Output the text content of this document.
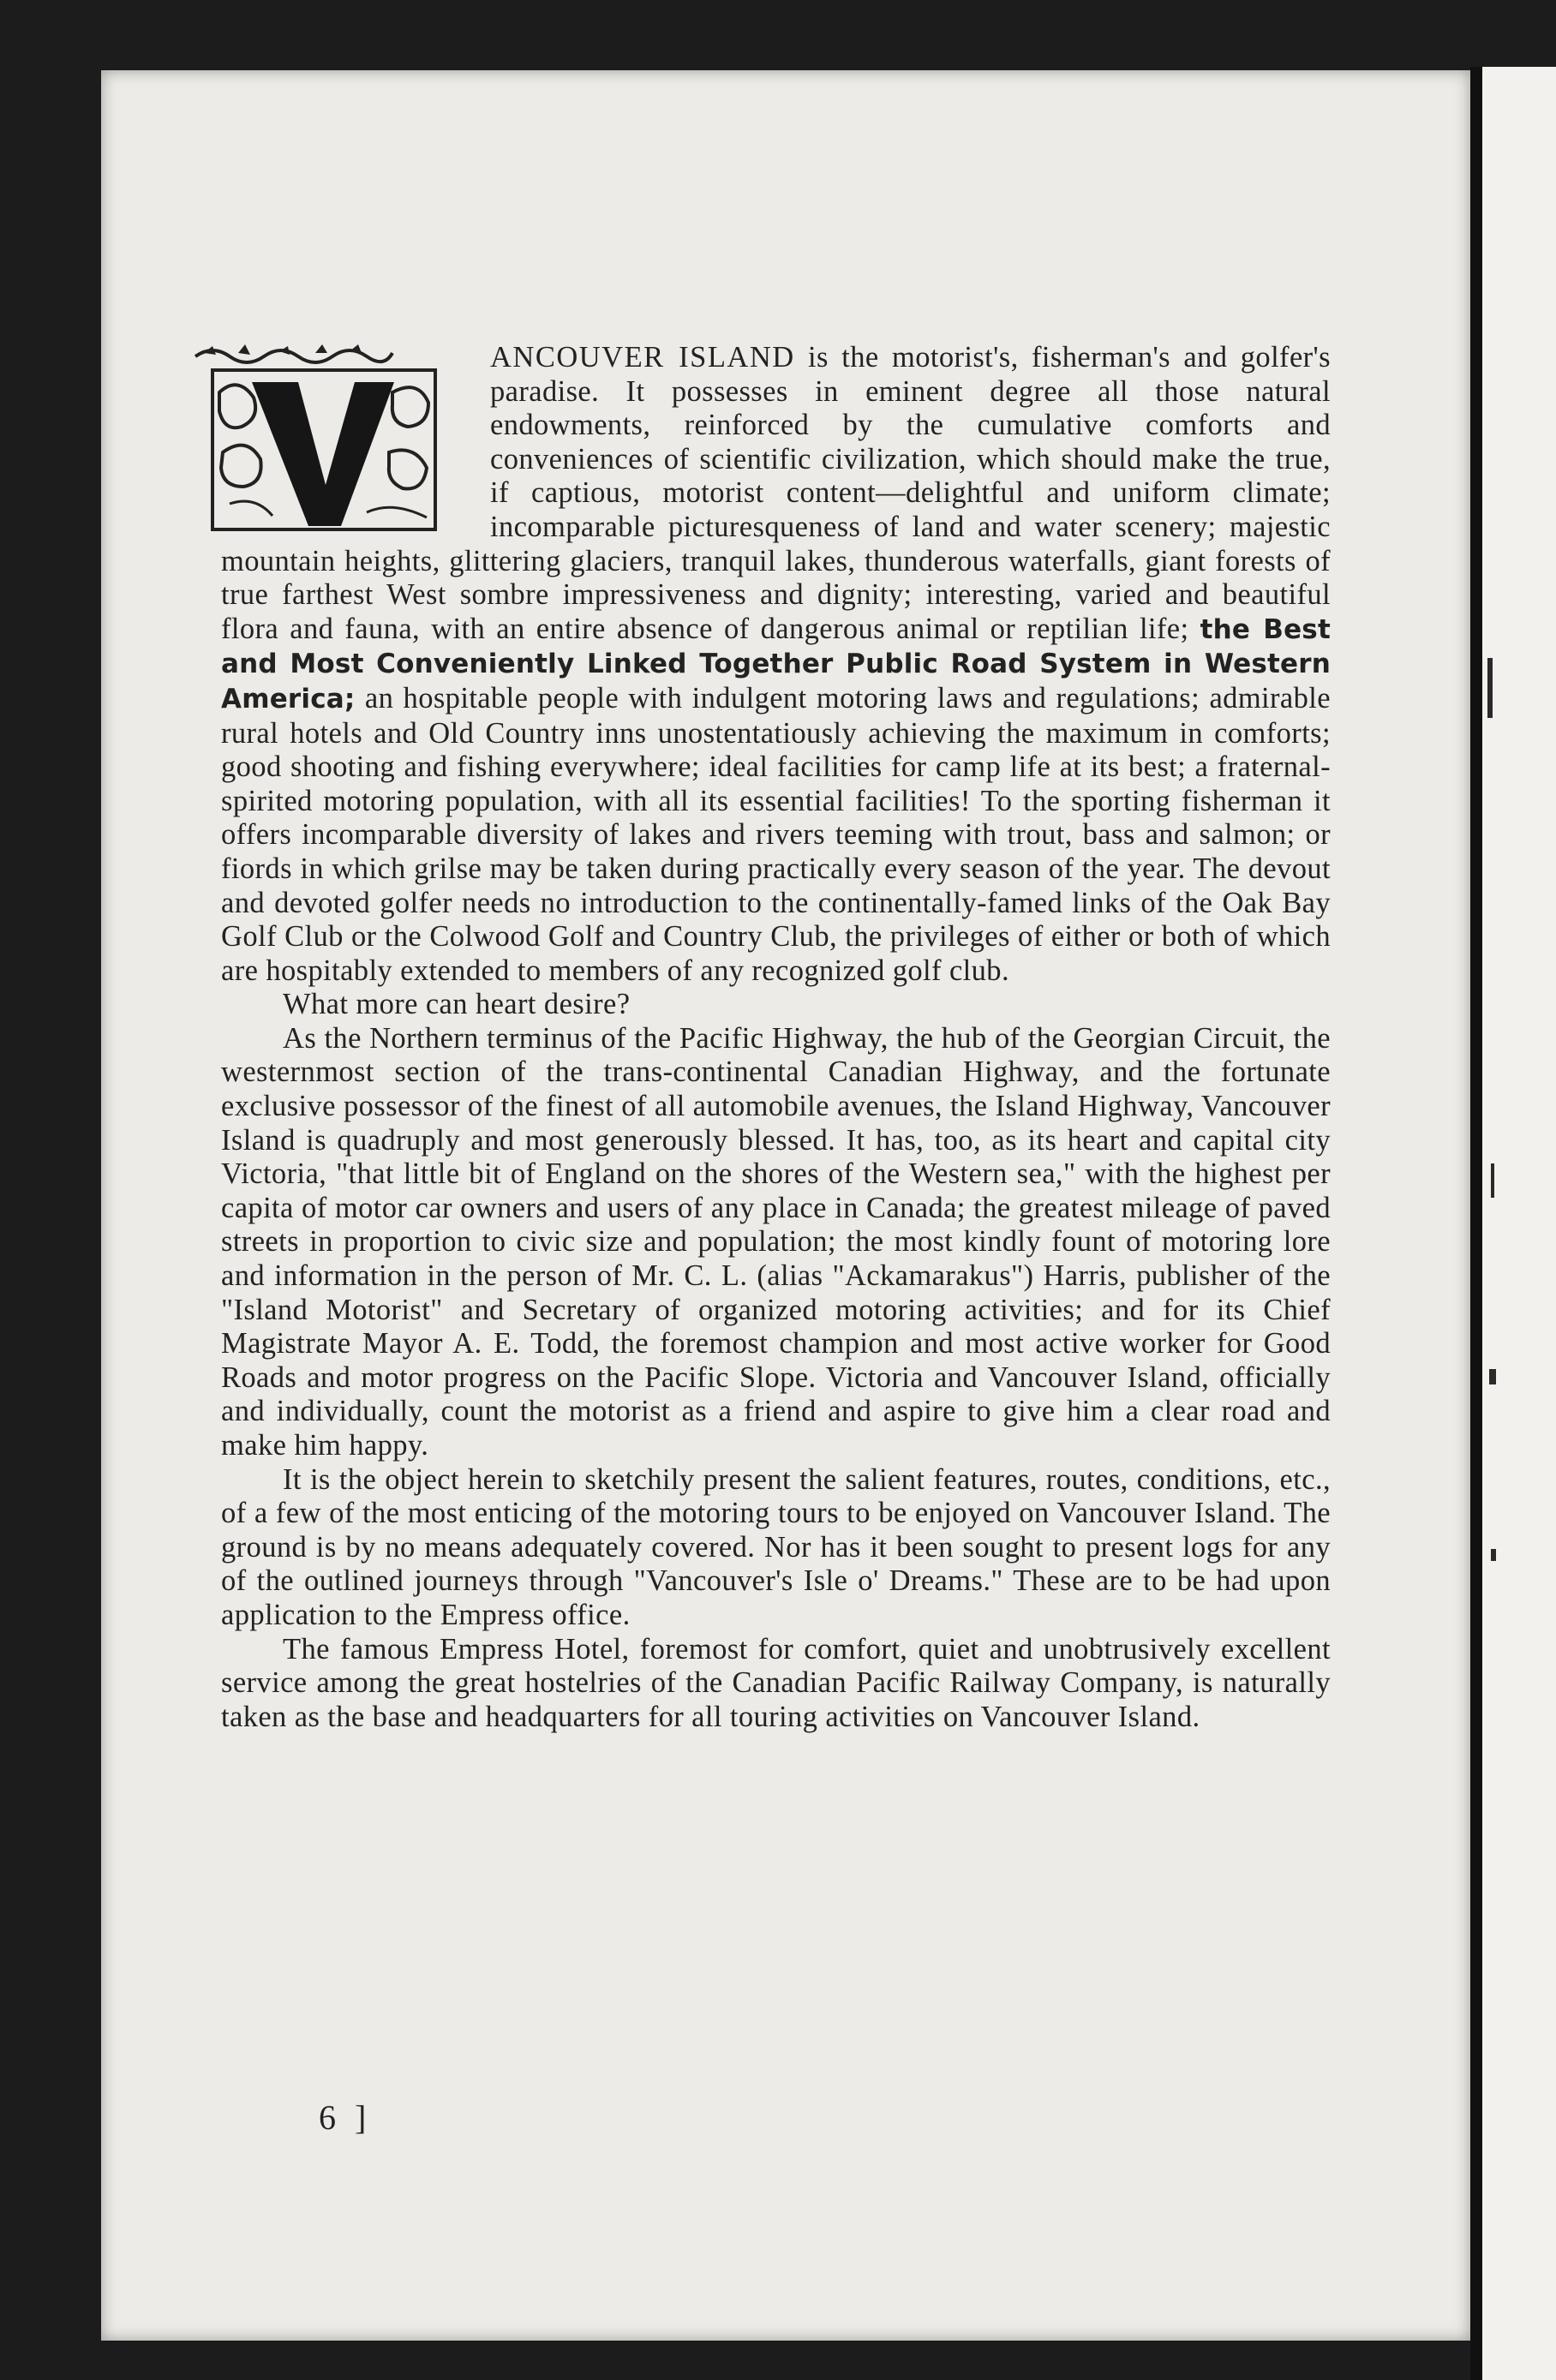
ANCOUVER ISLAND is the motorist's, fisherman's and golfer's paradise. It possesses in eminent degree all those natural endowments, reinforced by the cumulative comforts and conveniences of scientific civilization, which should make the true, if captious, motorist content—delightful and uniform climate; incomparable picturesqueness of land and water scenery; majestic mountain heights, glittering glaciers, tranquil lakes, thunderous waterfalls, giant forests of true farthest West sombre impressiveness and dignity; interesting, varied and beautiful flora and fauna, with an entire absence of dangerous animal or reptilian life; the Best and Most Conveniently Linked Together Public Road System in Western America; an hospitable people with indulgent motoring laws and regulations; admirable rural hotels and Old Country inns unostentatiously achieving the maximum in comforts; good shooting and fishing everywhere; ideal facilities for camp life at its best; a fraternal-spirited motoring population, with all its essential facilities! To the sporting fisherman it offers incomparable diversity of lakes and rivers teeming with trout, bass and salmon; or fiords in which grilse may be taken during practically every season of the year. The devout and devoted golfer needs no introduction to the continentally-famed links of the Oak Bay Golf Club or the Colwood Golf and Country Club, the privileges of either or both of which are hospitably extended to members of any recognized golf club.

What more can heart desire?

As the Northern terminus of the Pacific Highway, the hub of the Georgian Circuit, the westernmost section of the trans-continental Canadian Highway, and the fortunate exclusive possessor of the finest of all automobile avenues, the Island Highway, Vancouver Island is quadruply and most generously blessed. It has, too, as its heart and capital city Victoria, "that little bit of England on the shores of the Western sea," with the highest per capita of motor car owners and users of any place in Canada; the greatest mileage of paved streets in proportion to civic size and population; the most kindly fount of motoring lore and information in the person of Mr. C. L. (alias "Ackamarakus") Harris, publisher of the "Island Motorist" and Secretary of organized motoring activities; and for its Chief Magistrate Mayor A. E. Todd, the foremost champion and most active worker for Good Roads and motor progress on the Pacific Slope. Victoria and Vancouver Island, officially and individually, count the motorist as a friend and aspire to give him a clear road and make him happy.

It is the object herein to sketchily present the salient features, routes, conditions, etc., of a few of the most enticing of the motoring tours to be enjoyed on Vancouver Island. The ground is by no means adequately covered. Nor has it been sought to present logs for any of the outlined journeys through "Vancouver's Isle o' Dreams." These are to be had upon application to the Empress office.

The famous Empress Hotel, foremost for comfort, quiet and unobtrusively excellent service among the great hostelries of the Canadian Pacific Railway Company, is naturally taken as the base and headquarters for all touring activities on Vancouver Island.

6 ]
